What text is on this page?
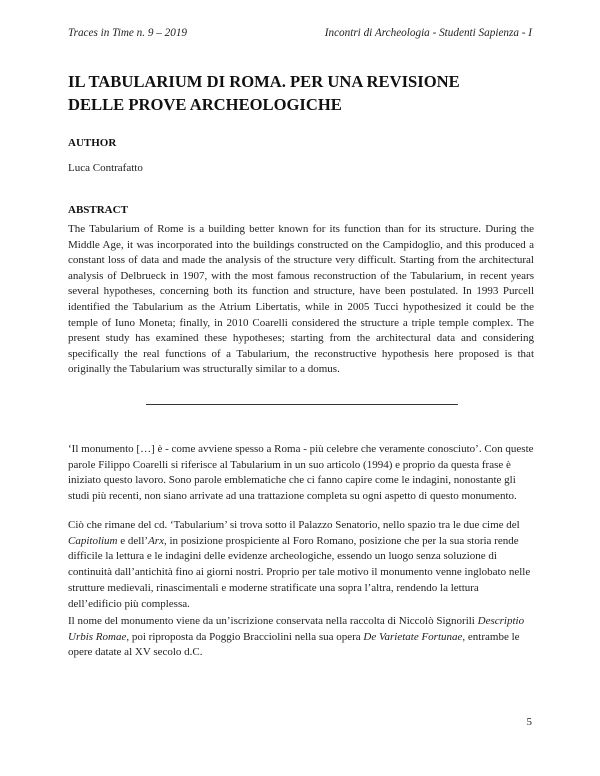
Traces in Time n. 9 – 2019	Incontri di Archeologia - Studenti Sapienza - I
IL TABULARIUM DI ROMA. PER UNA REVISIONE
DELLE PROVE ARCHEOLOGICHE
AUTHOR
Luca Contrafatto
ABSTRACT

The Tabularium of Rome is a building better known for its function than for its structure. During the Middle Age, it was incorporated into the buildings constructed on the Campidoglio, and this produced a constant loss of data and made the analysis of the structure very difficult. Starting from the architectural analysis of Delbrueck in 1907, with the most famous reconstruction of the Tabularium, in recent years several hypotheses, concerning both its function and structure, have been postulated. In 1993 Purcell identified the Tabularium as the Atrium Libertatis, while in 2005 Tucci hypothesized it could be the temple of Iuno Moneta; finally, in 2010 Coarelli considered the structure a triple temple complex. The present study has examined these hypotheses; starting from the architectural data and considering specifically the real functions of a Tabularium, the reconstructive hypothesis here proposed is that originally the Tabularium was structurally similar to a domus.

‘Il monumento […] è - come avviene spesso a Roma - più celebre che veramente conosciuto’. Con queste parole Filippo Coarelli si riferisce al Tabularium in un suo articolo (1994) e proprio da questa frase è iniziato questo lavoro. Sono parole emblematiche che ci fanno capire come le indagini, nonostante gli studi più recenti, non siano arrivate ad una trattazione completa su ogni aspetto di questo monumento.

Ciò che rimane del cd. ‘Tabularium’ si trova sotto il Palazzo Senatorio, nello spazio tra le due cime del Capitolium e dell’Arx, in posizione prospiciente al Foro Romano, posizione che per la sua storia rende difficile la lettura e le indagini delle evidenze archeologiche, essendo un luogo senza soluzione di continuità dall’antichità fino ai giorni nostri. Proprio per tale motivo il monumento venne inglobato nelle strutture medievali, rinascimentali e moderne stratificate una sopra l’altra, rendendo la lettura dell’edificio più complessa.

Il nome del monumento viene da un’iscrizione conservata nella raccolta di Niccolò Signorili Descriptio Urbis Romae, poi riproposta da Poggio Bracciolini nella sua opera De Varietate Fortunae, entrambe le opere datate al XV secolo d.C.

5
